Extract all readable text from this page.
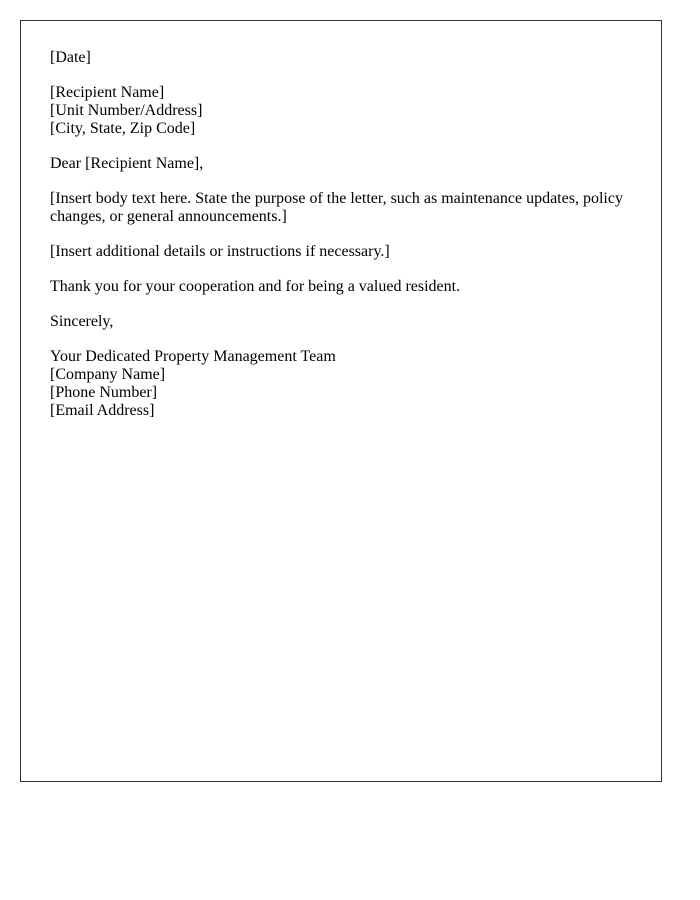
[Date]

[Recipient Name]
[Unit Number/Address]
[City, State, Zip Code]

Dear [Recipient Name],

[Insert body text here. State the purpose of the letter, such as maintenance updates, policy changes, or general announcements.]

[Insert additional details or instructions if necessary.]

Thank you for your cooperation and for being a valued resident.

Sincerely,

Your Dedicated Property Management Team
[Company Name]
[Phone Number]
[Email Address]
